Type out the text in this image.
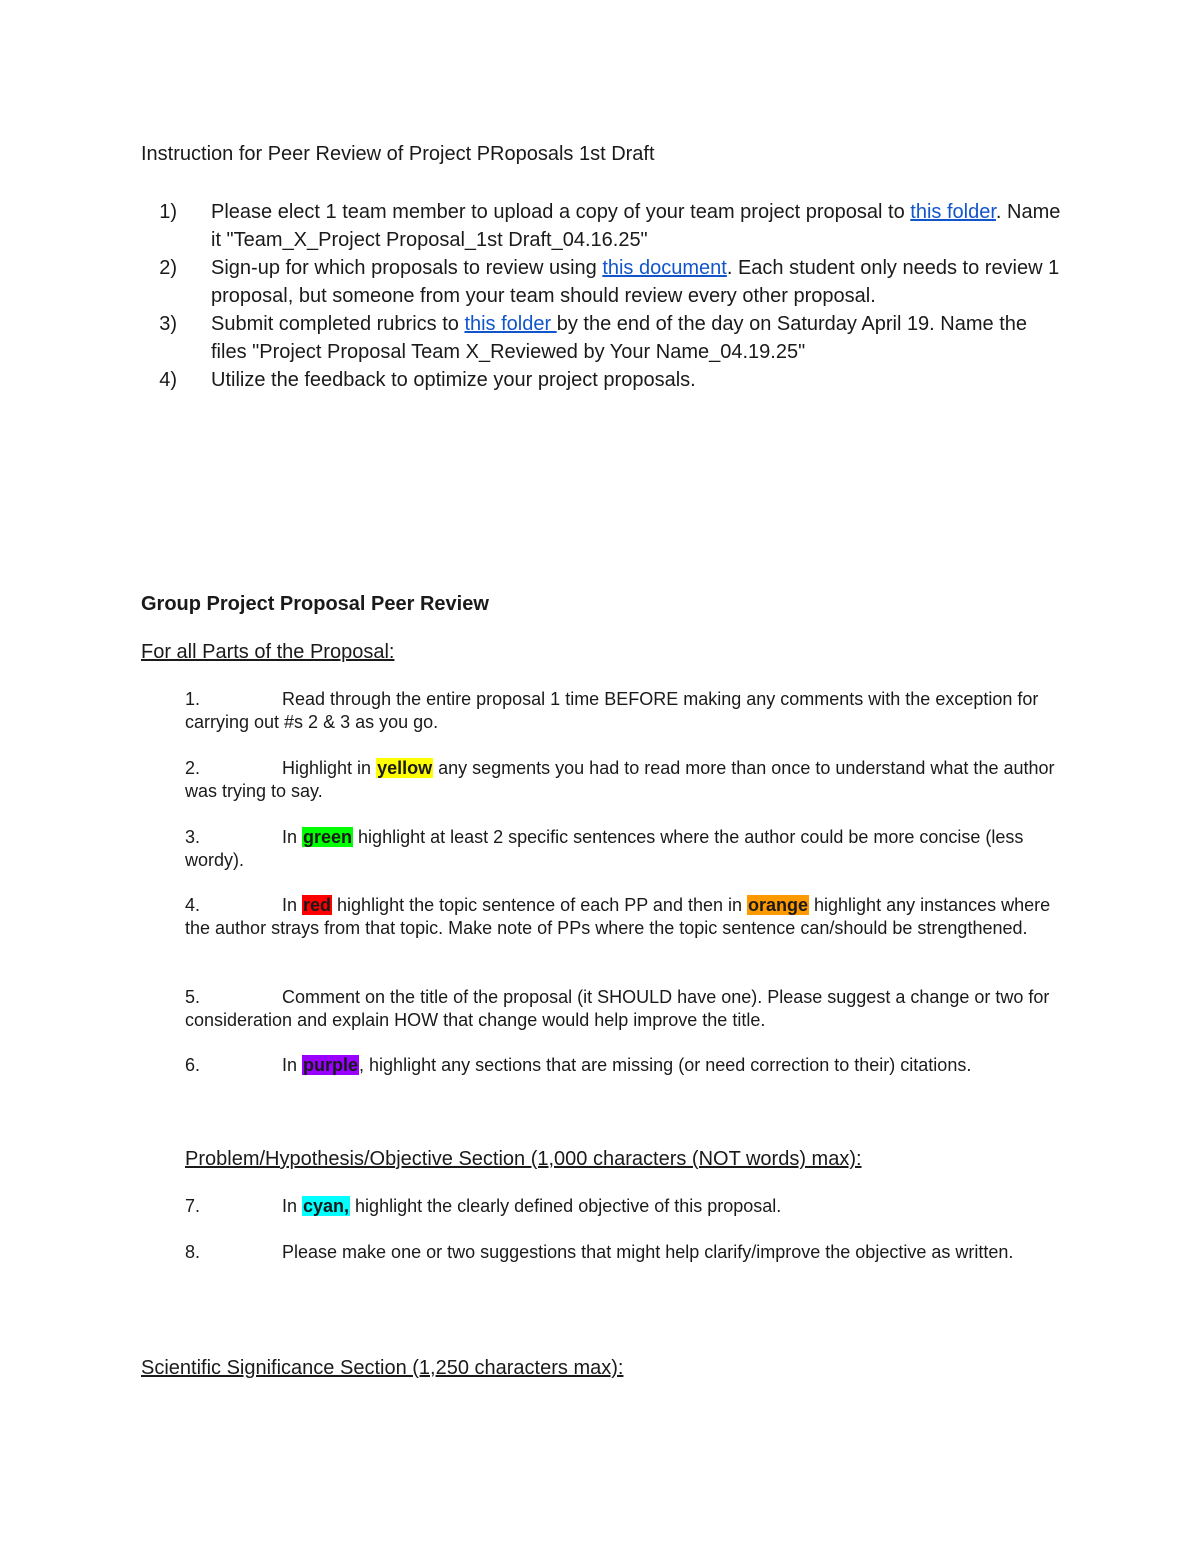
Instruction for Peer Review of Project PRoposals 1st Draft
1) Please elect 1 team member to upload a copy of your team project proposal to this folder. Name it "Team_X_Project Proposal_1st Draft_04.16.25"
2) Sign-up for which proposals to review using this document. Each student only needs to review 1 proposal, but someone from your team should review every other proposal.
3) Submit completed rubrics to this folder by the end of the day on Saturday April 19. Name the files "Project Proposal Team X_Reviewed by Your Name_04.19.25"
4) Utilize the feedback to optimize your project proposals.
Group Project Proposal Peer Review
For all Parts of the Proposal:
1.	Read through the entire proposal 1 time BEFORE making any comments with the exception for carrying out #s 2 & 3 as you go.
2.	Highlight in yellow any segments you had to read more than once to understand what the author was trying to say.
3.	In green highlight at least 2 specific sentences where the author could be more concise (less wordy).
4.	In red highlight the topic sentence of each PP and then in orange highlight any instances where the author strays from that topic. Make note of PPs where the topic sentence can/should be strengthened.
5.	Comment on the title of the proposal (it SHOULD have one). Please suggest a change or two for consideration and explain HOW that change would help improve the title.
6.	In purple, highlight any sections that are missing (or need correction to their) citations.
Problem/Hypothesis/Objective Section (1,000 characters (NOT words) max):
7.	In cyan, highlight the clearly defined objective of this proposal.
8.	Please make one or two suggestions that might help clarify/improve the objective as written.
Scientific Significance Section (1,250 characters max):
